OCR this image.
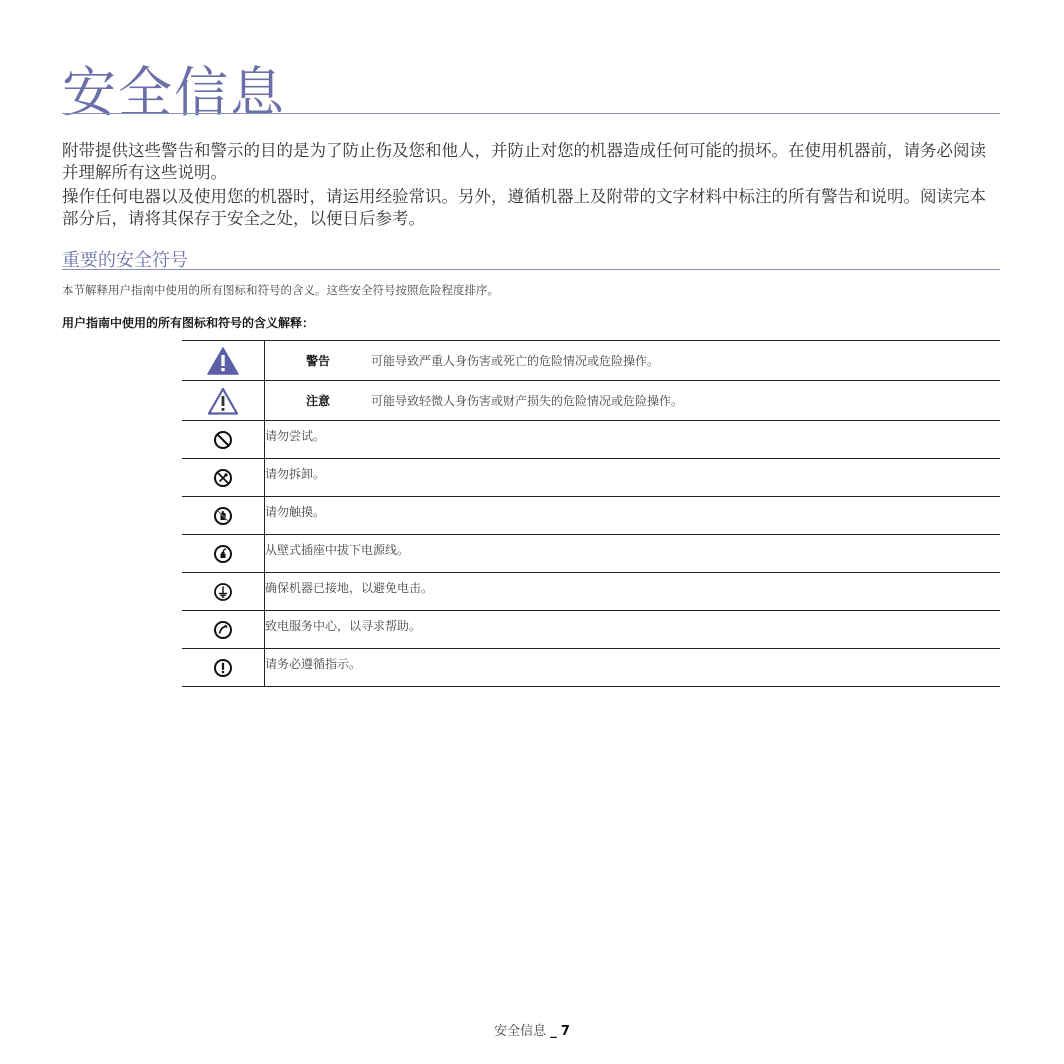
安全信息

附带提供这些警告和警示的目的是为了防止伤及您和他人，并防止对您的机器造成任何可能的损坏。在使用机器前，请务必阅读并理解所有这些说明。

操作任何电器以及使用您的机器时，请运用经验常识。另外，遵循机器上及附带的文字材料中标注的所有警告和说明。阅读完本部分后，请将其保存于安全之处，以便日后参考。

重要的安全符号

本节解释用户指南中使用的所有图标和符号的含义。这些安全符号按照危险程度排序。

用户指南中使用的所有图标和符号的含义解释：

	警告	可能导致严重人身伤害或死亡的危险情况或危险操作。

	注意	可能导致轻微人身伤害或财产损失的危险情况或危险操作。

	请勿尝试。	

	请勿拆卸。	

	请勿触摸。	

	从壁式插座中拔下电源线。	

	确保机器已接地，以避免电击。	

	致电服务中心，以寻求帮助。	

	请务必遵循指示。	
安全信息 _ 7
